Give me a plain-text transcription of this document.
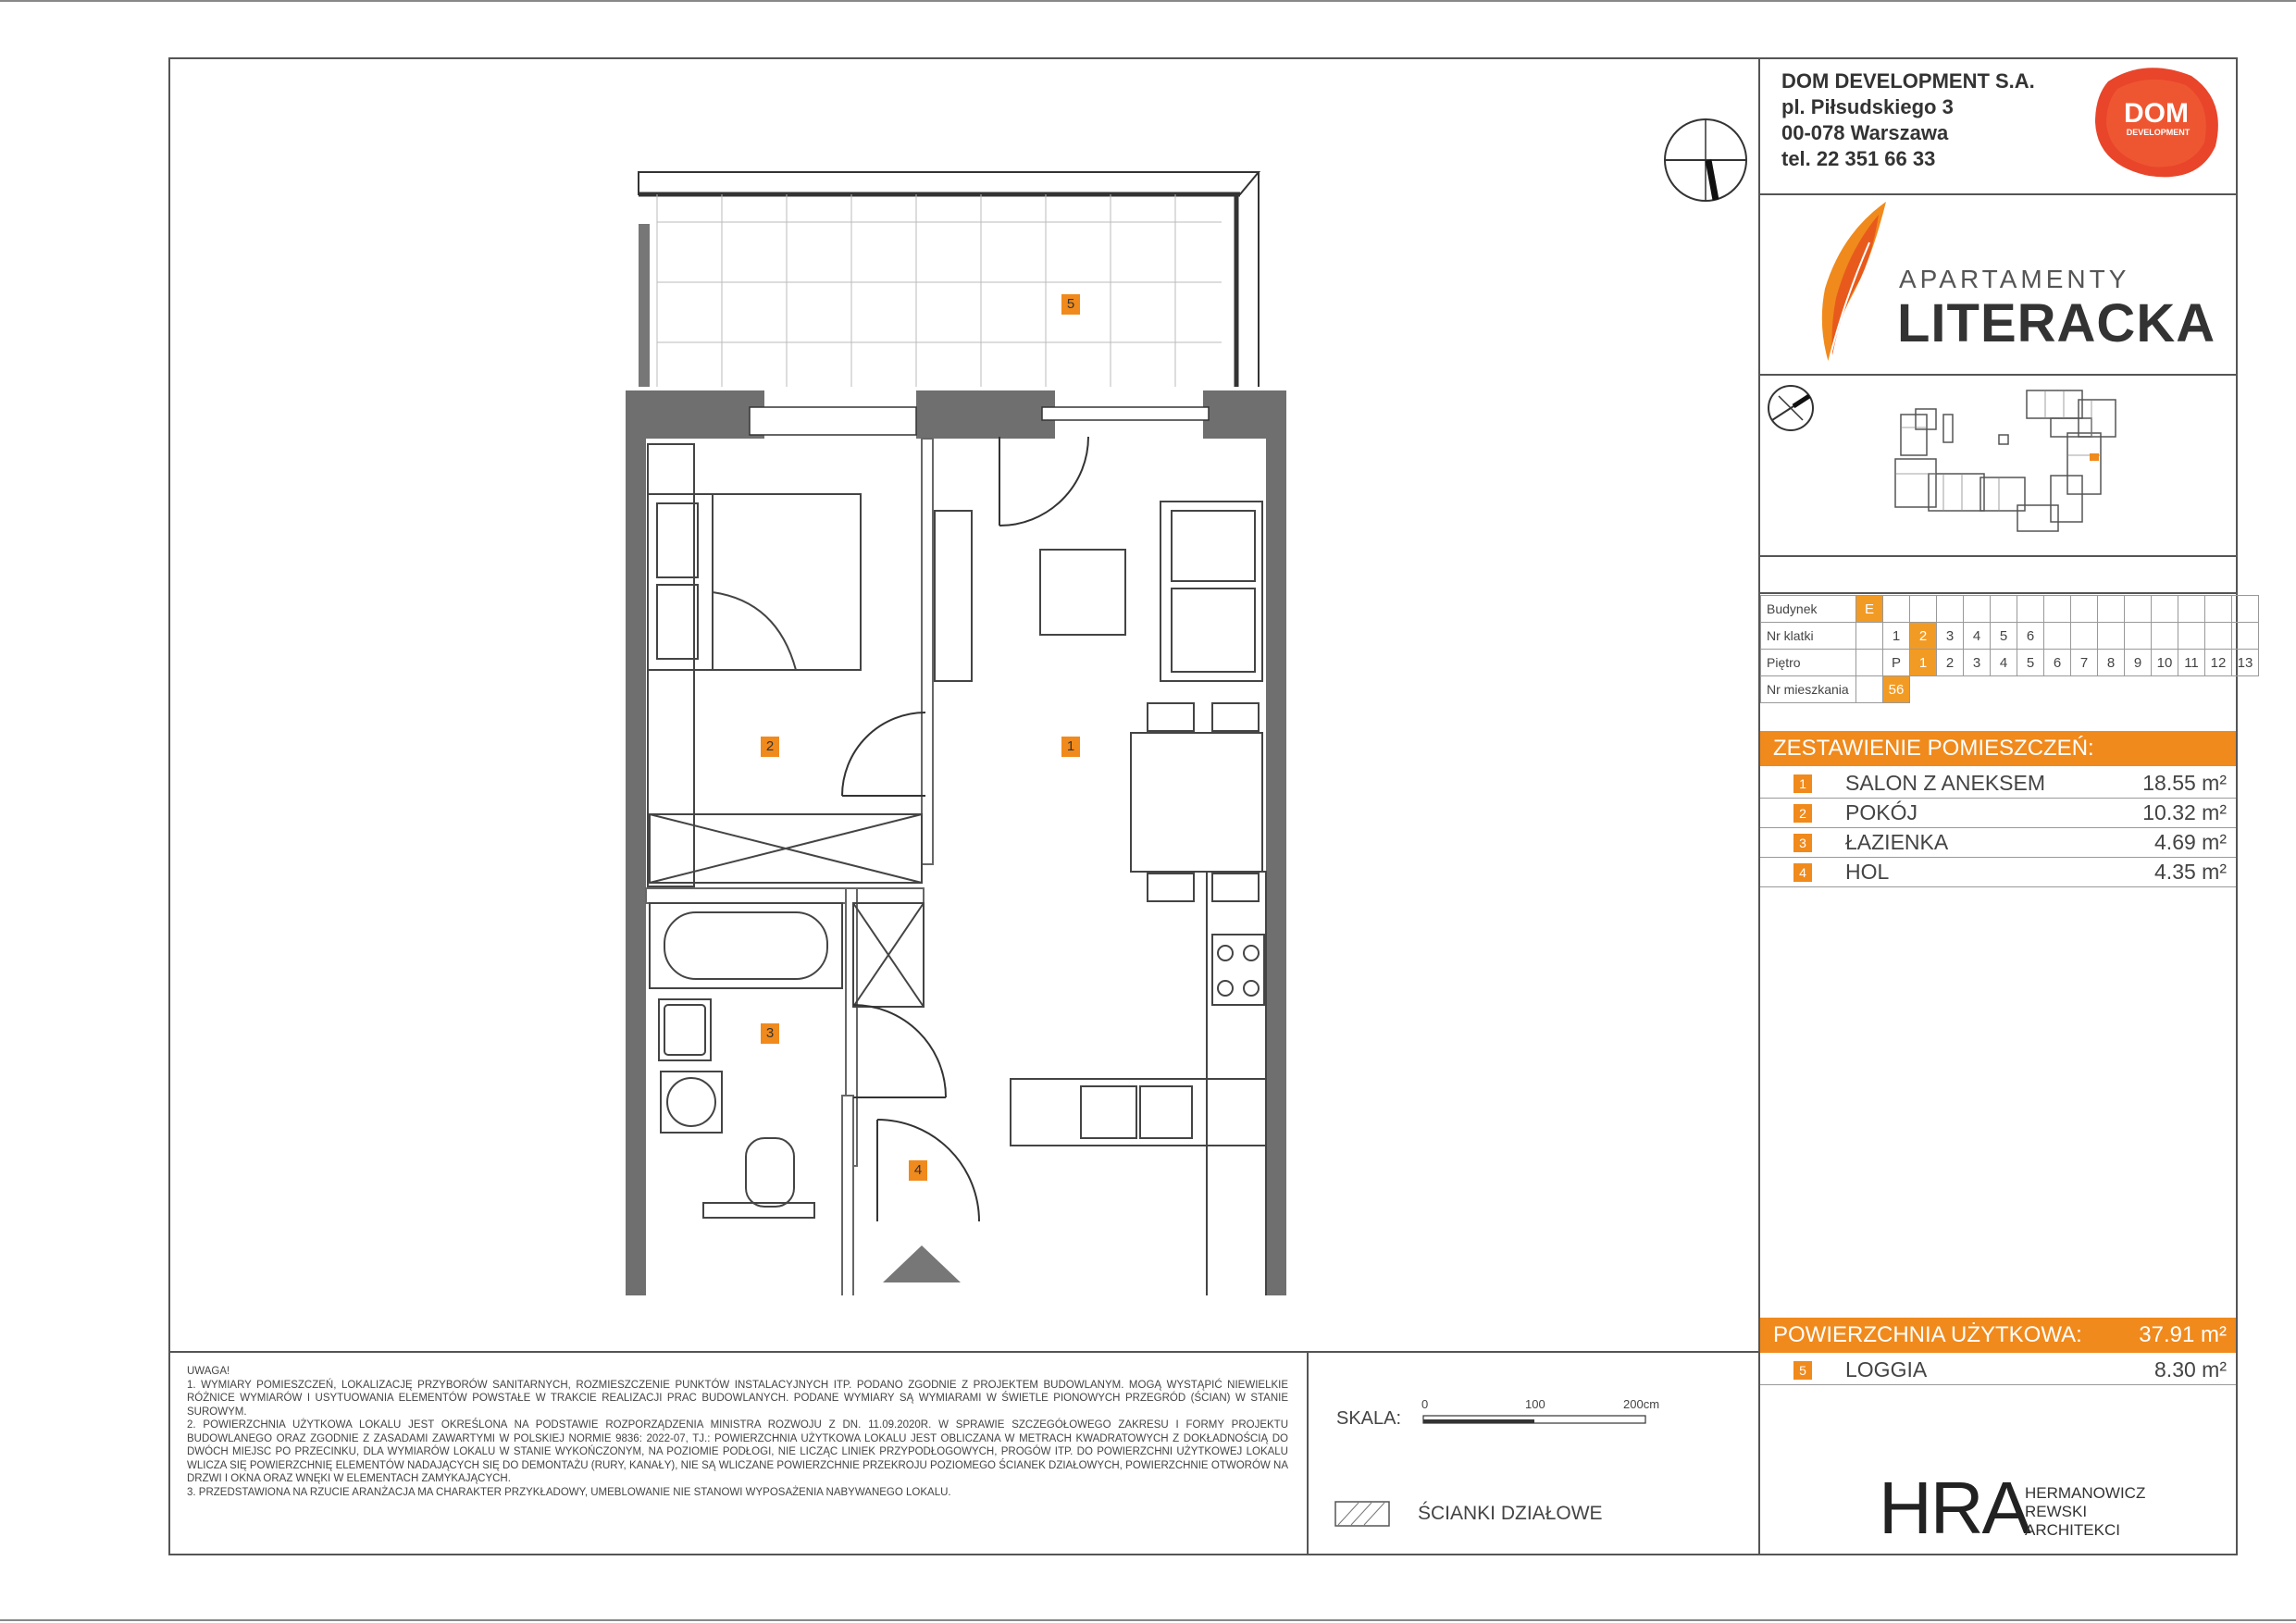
DOM DEVELOPMENT S.A.
pl. Piłsudskiego 3
00-078 Warszawa
tel. 22 351 66 33
DOM
DEVELOPMENT
APARTAMENTY
LITERACKA
Budynek	E														
Nr klatki		1	2	3	4	5	6								
Piętro		P	1	2	3	4	5	6	7	8	9	10	11	12	13
Nr mieszkania		56													
ZESTAWIENIE POMIESZCZEŃ:
1 SALON Z ANEKSEM	18.55 m²
2 POKÓJ	10.32 m²
3 ŁAZIENKA	4.69 m²
4 HOL	4.35 m²
POWIERZCHNIA UŻYTKOWA:	37.91 m²
5 LOGGIA	8.30 m²

UWAGA!

1. WYMIARY POMIESZCZEŃ, LOKALIZACJĘ PRZYBORÓW SANITARNYCH, ROZMIESZCZENIE PUNKTÓW INSTALACYJNYCH ITP. PODANO ZGODNIE Z PROJEKTEM BUDOWLANYM. MOGĄ WYSTĄPIĆ NIEWIELKIE RÓŻNICE WYMIARÓW I USYTUOWANIA ELEMENTÓW POWSTAŁE W TRAKCIE REALIZACJI PRAC BUDOWLANYCH. PODANE WYMIARY SĄ WYMIARAMI W ŚWIETLE PIONOWYCH PRZEGRÓD (ŚCIAN) W STANIE SUROWYM.

2. POWIERZCHNIA UŻYTKOWA LOKALU JEST OKREŚLONA NA PODSTAWIE ROZPORZĄDZENIA MINISTRA ROZWOJU Z DN. 11.09.2020R. W SPRAWIE SZCZEGÓŁOWEGO ZAKRESU I FORMY PROJEKTU BUDOWLANEGO ORAZ ZGODNIE Z ZASADAMI ZAWARTYMI W POLSKIEJ NORMIE 9836: 2022-07, TJ.: POWIERZCHNIA UŻYTKOWA LOKALU JEST OBLICZANA W METRACH KWADRATOWYCH Z DOKŁADNOŚCIĄ DO DWÓCH MIEJSC PO PRZECINKU, DLA WYMIARÓW LOKALU W STANIE WYKOŃCZONYM, NA POZIOMIE PODŁOGI, NIE LICZĄC LINIEK PRZYPODŁOGOWYCH, PROGÓW ITP. DO POWIERZCHNI UŻYTKOWEJ LOKALU WLICZA SIĘ POWIERZCHNIĘ ELEMENTÓW NADAJĄCYCH SIĘ DO DEMONTAŻU (RURY, KANAŁY), NIE SĄ WLICZANE POWIERZCHNIE PRZEKROJU POZIOMEGO ŚCIANEK DZIAŁOWYCH, POWIERZCHNIE OTWORÓW NA DRZWI I OKNA ORAZ WNĘKI W ELEMENTACH ZAMYKAJĄCYCH.

3. PRZEDSTAWIONA NA RZUCIE ARANŻACJA MA CHARAKTER PRZYKŁADOWY, UMEBLOWANIE NIE STANOWI WYPOSAŻENIA NABYWANEGO LOKALU.

SKALA:
0	100	200cm
ŚCIANKI DZIAŁOWE	HRA
HERMANOWICZ
REWSKI
ARCHITEKCI
1
2
3
4
5
